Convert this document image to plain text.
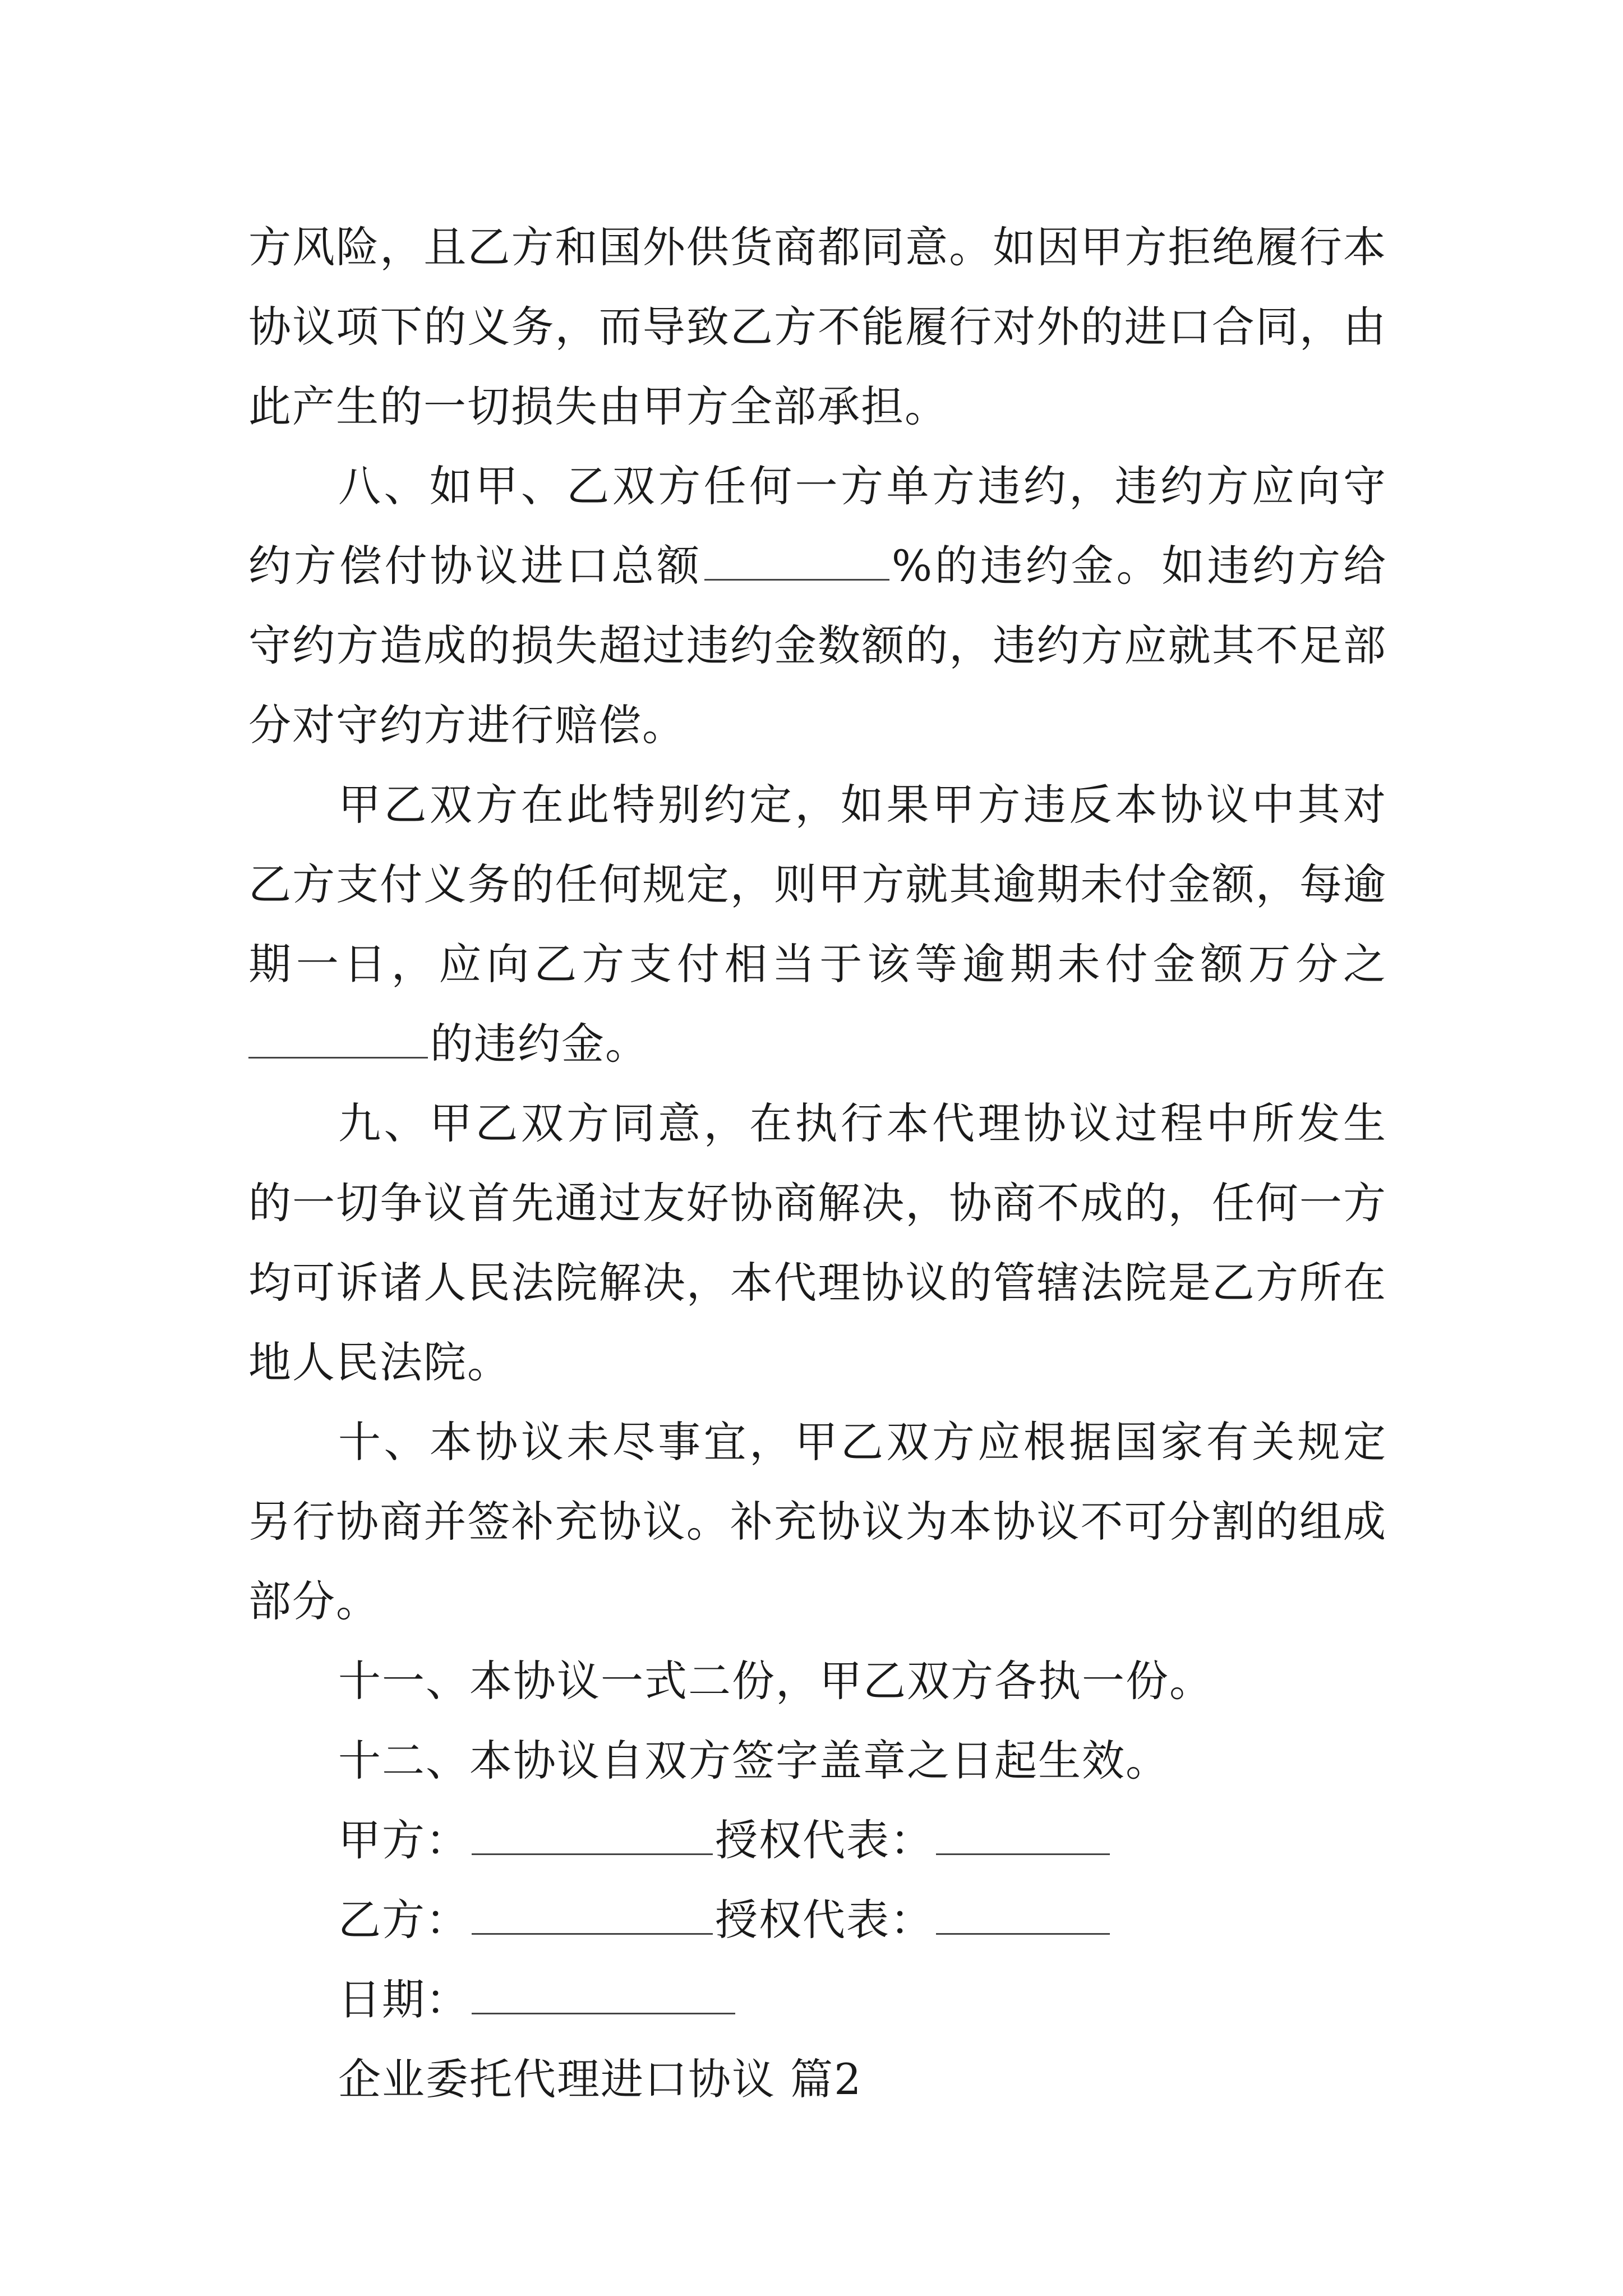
方风险，且乙方和国外供货商都同意。如因甲方拒绝履行本协议项下的义务，而导致乙方不能履行对外的进口合同，由此产生的一切损失由甲方全部承担。

八、如甲、乙双方任何一方单方违约，违约方应向守约方偿付协议进口总额	%的违约金。如违约方给守约方造成的损失超过违约金数额的，违约方应就其不足部分对守约方进行赔偿。

甲乙双方在此特别约定，如果甲方违反本协议中其对乙方支付义务的任何规定，则甲方就其逾期未付金额，每逾期一日，应向乙方支付相当于该等逾期未付金额万分之的违约金。

九、甲乙双方同意，在执行本代理协议过程中所发生的一切争议首先通过友好协商解决，协商不成的，任何一方均可诉诸人民法院解决，本代理协议的管辖法院是乙方所在地人民法院。

十、本协议未尽事宜，甲乙双方应根据国家有关规定另行协商并签补充协议。补充协议为本协议不可分割的组成部分。

十一、本协议一式二份，甲乙双方各执一份。

十二、本协议自双方签字盖章之日起生效。

甲方：	授权代表：

乙方：	授权代表：

日期：

企业委托代理进口协议 篇2
